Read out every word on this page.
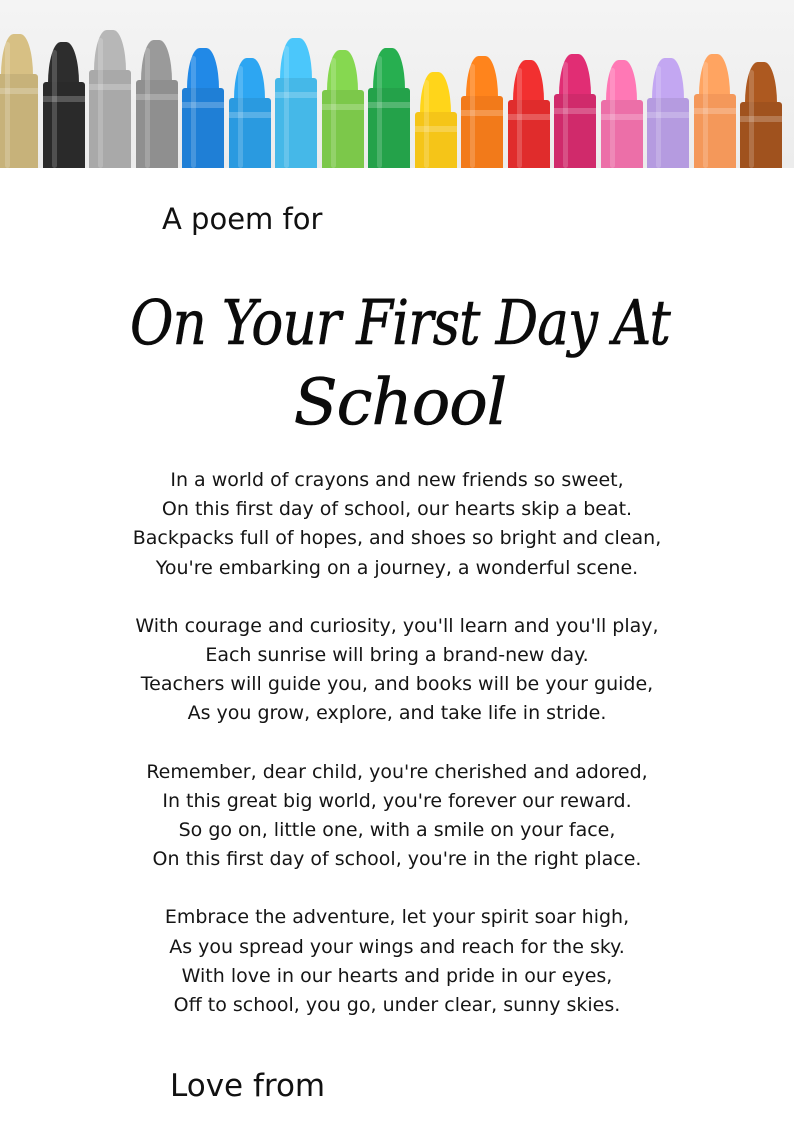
A poem for
On Your First Day At
School
In a world of crayons and new friends so sweet,
On this first day of school, our hearts skip a beat.
Backpacks full of hopes, and shoes so bright and clean,
You're embarking on a journey, a wonderful scene.
With courage and curiosity, you'll learn and you'll play,
Each sunrise will bring a brand-new day.
Teachers will guide you, and books will be your guide,
As you grow, explore, and take life in stride.
Remember, dear child, you're cherished and adored,
In this great big world, you're forever our reward.
So go on, little one, with a smile on your face,
On this first day of school, you're in the right place.
Embrace the adventure, let your spirit soar high,
As you spread your wings and reach for the sky.
With love in our hearts and pride in our eyes,
Off to school, you go, under clear, sunny skies.
Love from
